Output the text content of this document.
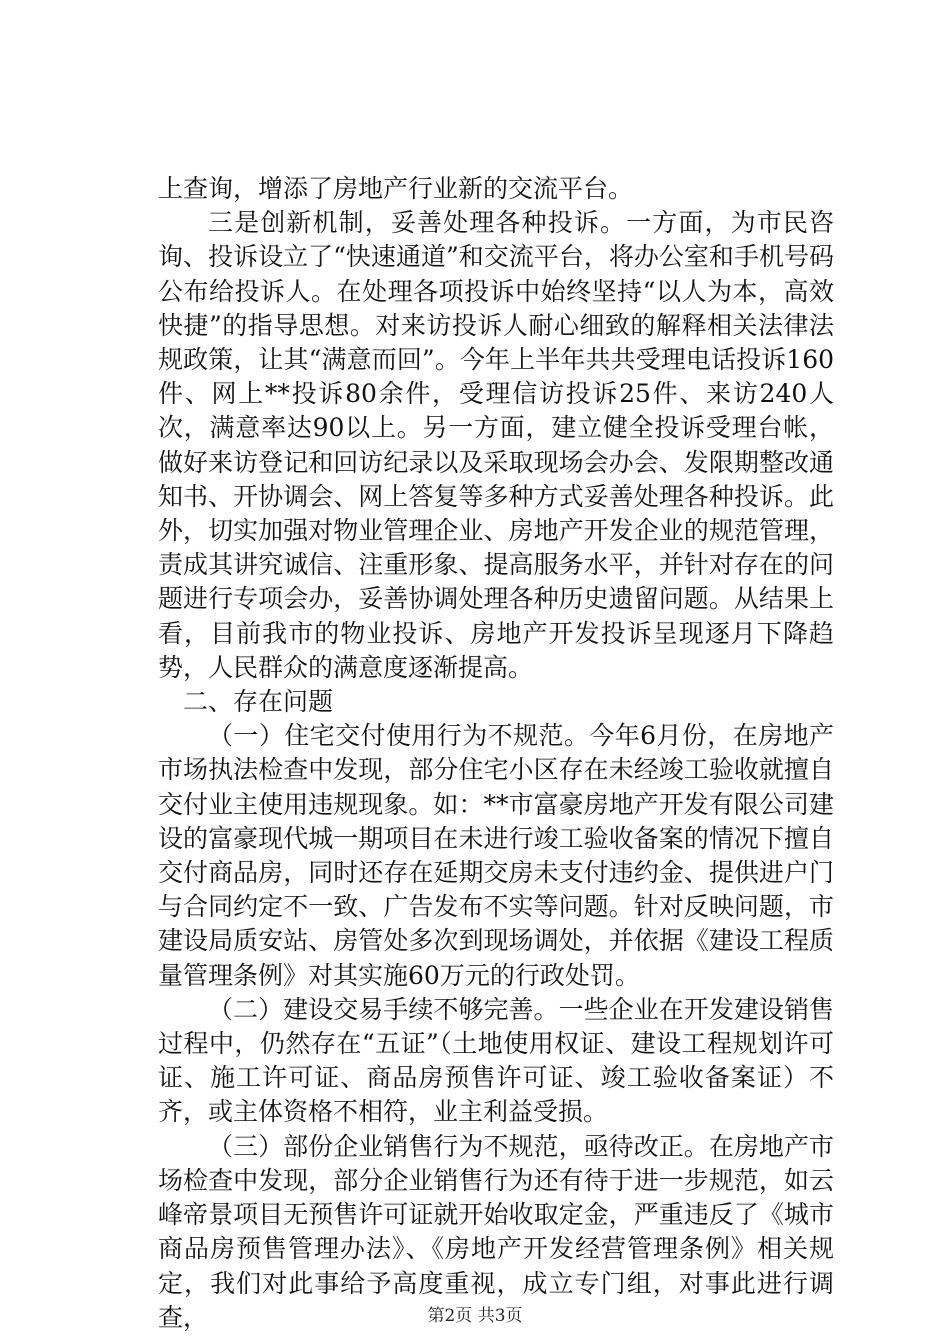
上查询，增添了房地产行业新的交流平台。

三是创新机制，妥善处理各种投诉。一方面，为市民咨询、投诉设立了“快速通道”和交流平台，将办公室和手机号码公布给投诉人。在处理各项投诉中始终坚持“以人为本，高效快捷”的指导思想。对来访投诉人耐心细致的解释相关法律法规政策，让其“满意而回”。今年上半年共共受理电话投诉160件、网上**投诉80余件，受理信访投诉25件、来访240人次，满意率达90以上。另一方面，建立健全投诉受理台帐，做好来访登记和回访纪录以及采取现场会办会、发限期整改通知书、开协调会、网上答复等多种方式妥善处理各种投诉。此外，切实加强对物业管理企业、房地产开发企业的规范管理，责成其讲究诚信、注重形象、提高服务水平，并针对存在的问题进行专项会办，妥善协调处理各种历史遗留问题。从结果上看，目前我市的物业投诉、房地产开发投诉呈现逐月下降趋势，人民群众的满意度逐渐提高。

二、存在问题

（一）住宅交付使用行为不规范。今年6月份，在房地产市场执法检查中发现，部分住宅小区存在未经竣工验收就擅自交付业主使用违规现象。如：**市富豪房地产开发有限公司建设的富豪现代城一期项目在未进行竣工验收备案的情况下擅自交付商品房，同时还存在延期交房未支付违约金、提供进户门与合同约定不一致、广告发布不实等问题。针对反映问题，市建设局质安站、房管处多次到现场调处，并依据《建设工程质量管理条例》对其实施60万元的行政处罚。

（二）建设交易手续不够完善。一些企业在开发建设销售过程中，仍然存在“五证”（土地使用权证、建设工程规划许可证、施工许可证、商品房预售许可证、竣工验收备案证）不齐，或主体资格不相符，业主利益受损。

（三）部份企业销售行为不规范，亟待改正。在房地产市场检查中发现，部分企业销售行为还有待于进一步规范，如云峰帝景项目无预售许可证就开始收取定金，严重违反了《城市商品房预售管理办法》、《房地产开发经营管理条例》相关规定，我们对此事给予高度重视，成立专门组，对事此进行调查，	第2页 共3页
